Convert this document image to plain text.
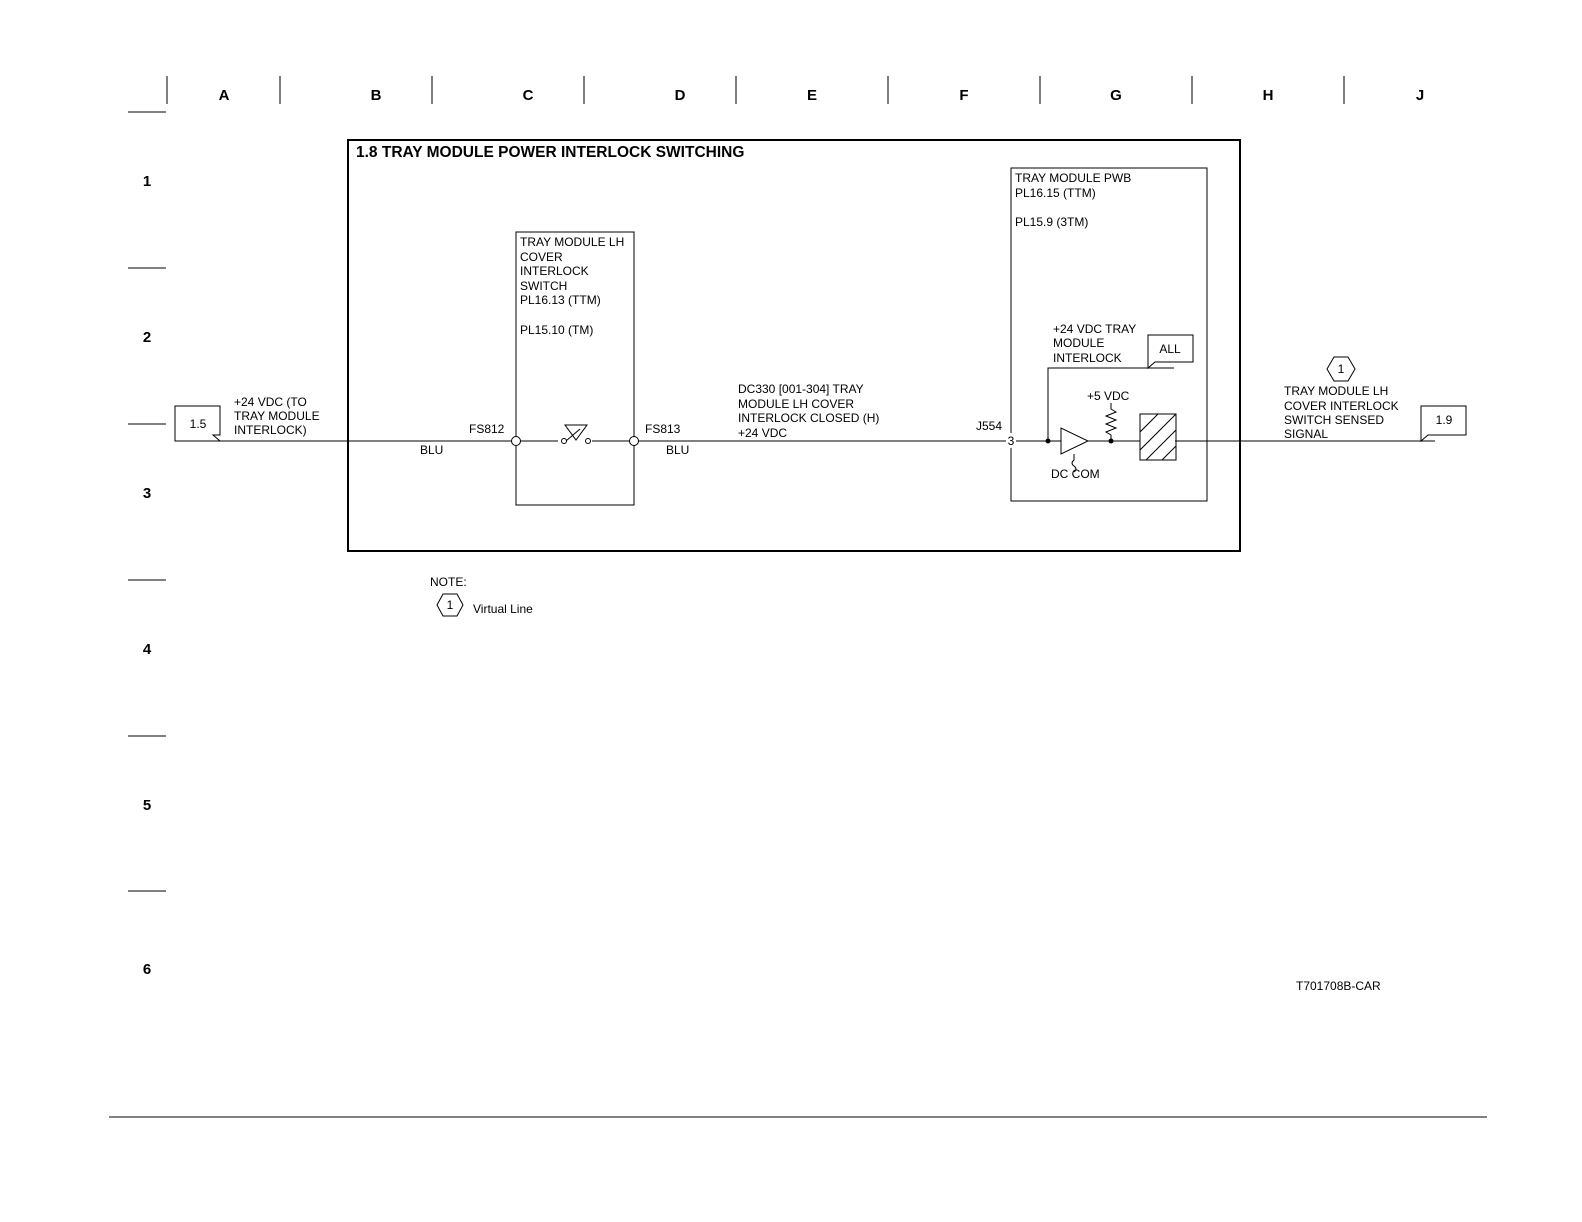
A	B	C	D	E	F	G	H	J
1
2
3
4
5
6
1.8 TRAY MODULE POWER INTERLOCK SWITCHING
1.5
+24 VDC (TO
TRAY MODULE
INTERLOCK)
BLU
TRAY MODULE LH
COVER
INTERLOCK
SWITCH
PL16.13 (TTM)
PL15.10 (TM)
FS812	FS813
BLU
DC330 [001-304] TRAY
MODULE LH COVER
INTERLOCK CLOSED (H)
+24 VDC
TRAY MODULE PWB
PL16.15 (TTM)
PL15.9 (3TM)
J554
3
+24 VDC TRAY
MODULE
INTERLOCK
ALL
+5 VDC
DC COM
1
TRAY MODULE LH
COVER INTERLOCK
SWITCH SENSED
SIGNAL
1.9
NOTE:
1 Virtual Line
T701708B-CAR
